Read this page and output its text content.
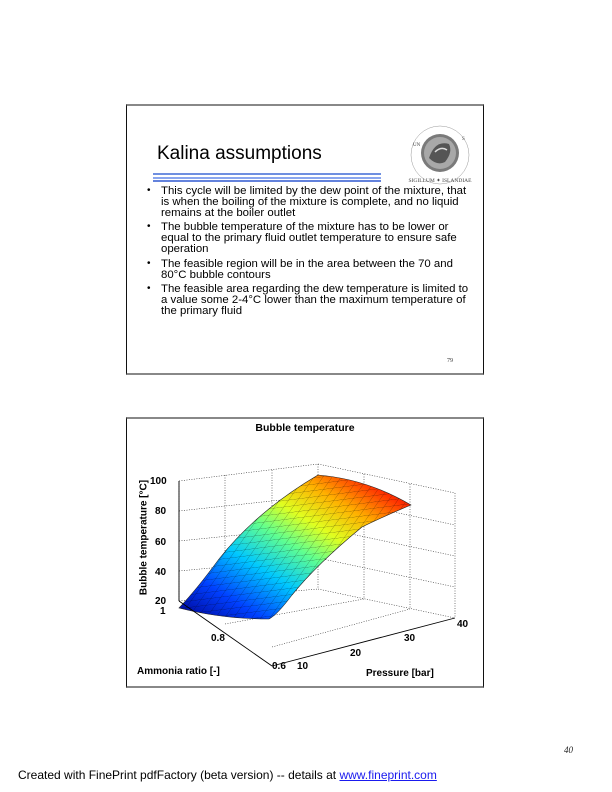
Kalina assumptions
SIGILLUM ✦ ISLANDIAE
UN
S
• This cycle will be limited by the dew point of the mixture, that is when the boiling of the mixture is complete, and no liquid remains at the boiler outlet
• The bubble temperature of the mixture has to be lower or equal to the primary fluid outlet temperature to ensure safe operation
• The feasible region will be in the area between the 70 and 80°C bubble contours
• The feasible area regarding the dew temperature is limited to a value some 2-4°C lower than the maximum temperature of the primary fluid
79
Bubble temperature
100
80
60
40
20
1
0.8
0.6 10
20
30
40
Ammonia ratio [-]	Pressure [bar]
Bubble temperature [°C]
40
Created with FinePrint pdfFactory (beta version) -- details at www.fineprint.com
